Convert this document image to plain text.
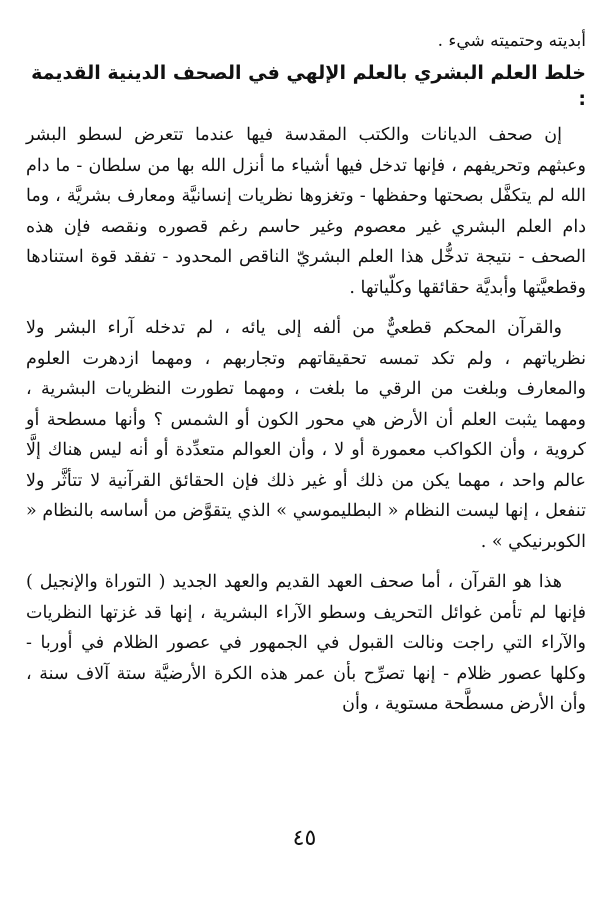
أبديته وحتميته شيء .

خلط العلم البشري بالعلم الإلهي في الصحف الدينية القديمة :

إن صحف الديانات والكتب المقدسة فيها عندما تتعرض لسطو البشر وعبثهم وتحريفهم ، فإنها تدخل فيها أشياء ما أنزل الله بها من سلطان - ما دام الله لم يتكفَّل بصحتها وحفظها - وتغزوها نظريات إنسانيَّة ومعارف بشريَّة ، وما دام العلم البشري غير معصوم وغير حاسم رغم قصوره ونقصه فإن هذه الصحف - نتيجة تدخُّل هذا العلم البشريّ الناقص المحدود - تفقد قوة استنادها وقطعيَّتها وأبديَّة حقائقها وكلّياتها .

والقرآن المحكم قطعيٌّ من ألفه إلى يائه ، لم تدخله آراء البشر ولا نظرياتهم ، ولم تكد تمسه تحقيقاتهم وتجاربهم ، ومهما ازدهرت العلوم والمعارف وبلغت من الرقي ما بلغت ، ومهما تطورت النظريات البشرية ، ومهما يثبت العلم أن الأرض هي محور الكون أو الشمس ؟ وأنها مسطحة أو كروية ، وأن الكواكب معمورة أو لا ، وأن العوالم متعدِّدة أو أنه ليس هناك إلَّا عالم واحد ، مهما يكن من ذلك أو غير ذلك فإن الحقائق القرآنية لا تتأثَّر ولا تنفعل ، إنها ليست النظام « البطليموسي » الذي يتقوَّض من أساسه بالنظام « الكوبرنيكي » .

هذا هو القرآن ، أما صحف العهد القديم والعهد الجديد ( التوراة والإنجيل ) فإنها لم تأمن غوائل التحريف وسطو الآراء البشرية ، إنها قد غزتها النظريات والآراء التي راجت ونالت القبول في الجمهور في عصور الظلام في أوربا - وكلها عصور ظلام - إنها تصرِّح بأن عمر هذه الكرة الأرضيَّة ستة آلاف سنة ، وأن الأرض مسطَّحة مستوية ، وأن

٤٥
